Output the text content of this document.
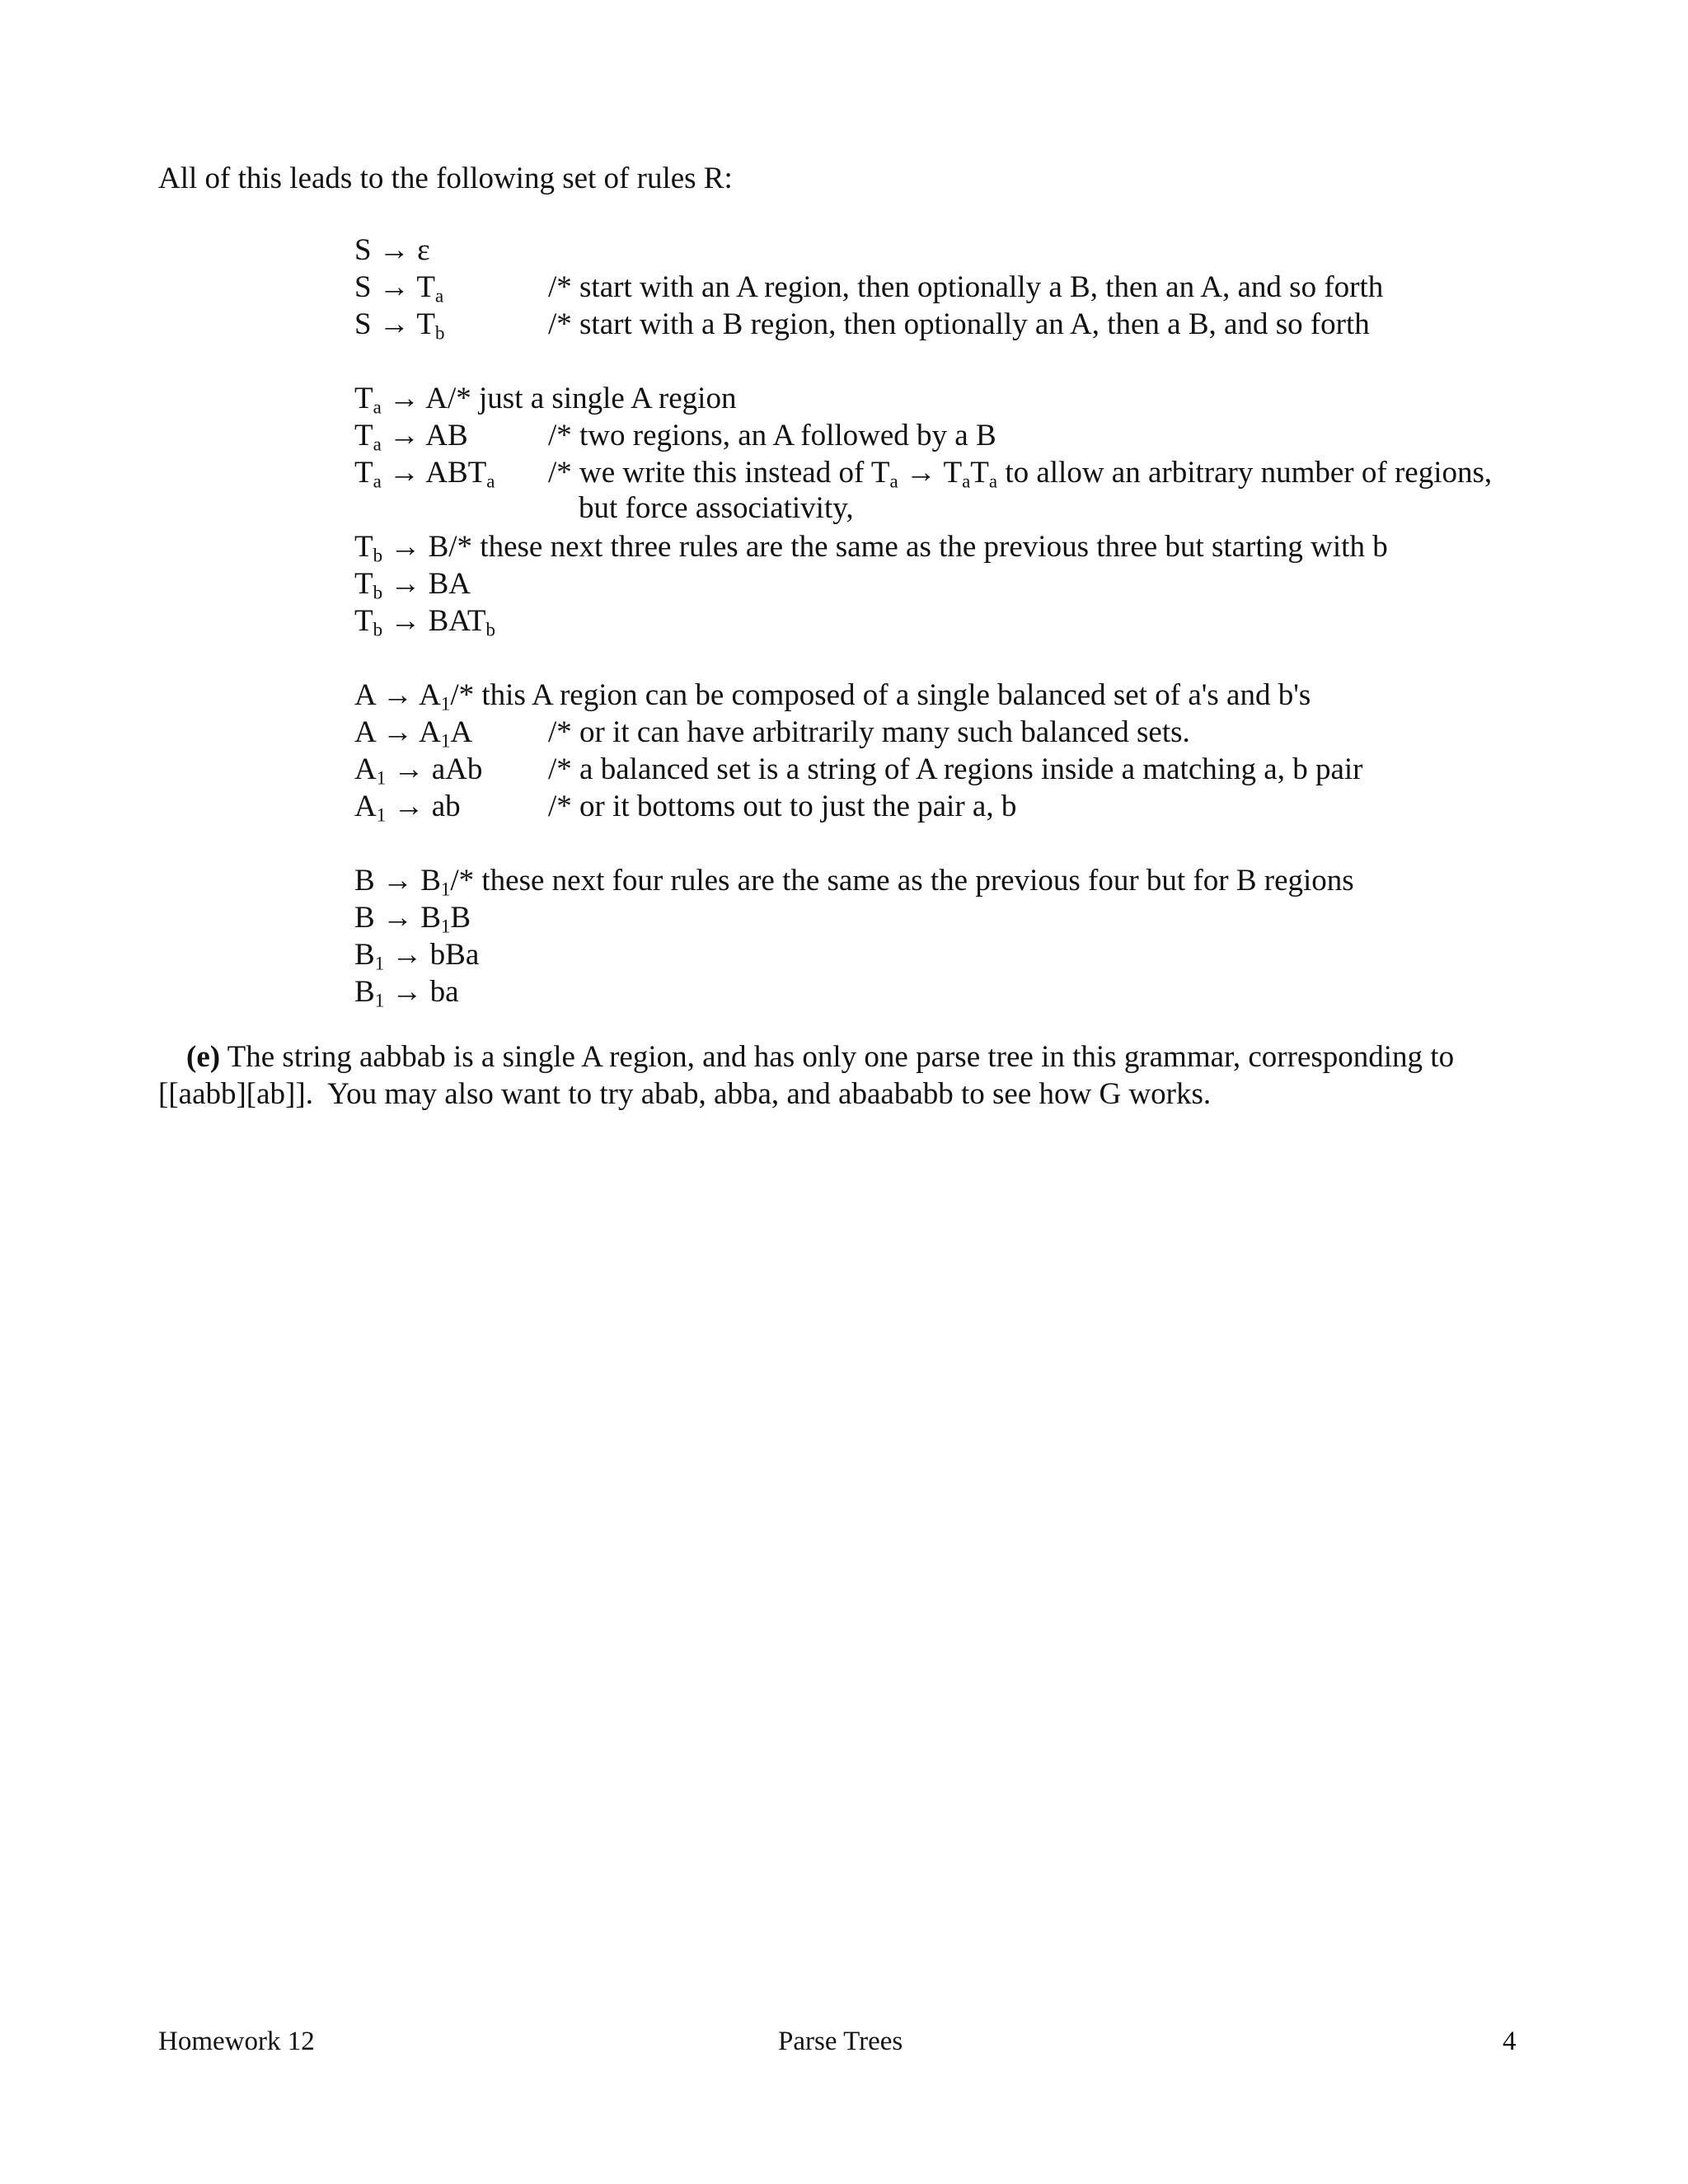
All of this leads to the following set of rules R:
S → ε
$S \to T_a$	/* start with an A region, then optionally a B, then an A, and so forth
$S \to T_b$	/* start with a B region, then optionally an A, then a B, and so forth
$T_a \to A/*$ just a single A region
$T_a$ → AB	/* two regions, an A followed by a B
$T_a \to ABT_a$ /* we write this instead of $T_a \to T_aT_a$ to allow an arbitrary number of regions,
but force associativity,
$T_b \to B/*$ these next three rules are the same as the previous three but starting with b
$T_b$ → BA
$T_b \to BAT_b$
$A \to A_1/*$ this A region can be composed of a single balanced set of a's and b's
$A \to A_1A$ /* or it can have arbitrarily many such balanced sets.
$A_1$ → aAb /* a balanced set is a string of A regions inside a matching a, b pair
$A_1$ → ab	/* or it bottoms out to just the pair a, b
$B \to B_1/*$ these next four rules are the same as the previous four but for B regions
$B \to B_1B$
$B_1$ → bBa
$B_1$ → ba
(e) The string aabbab is a single A region, and has only one parse tree in this grammar, corresponding to
[[aabb][ab]].  You may also want to try abab, abba, and abaababb to see how G works.
Homework 12	Parse Trees	4
